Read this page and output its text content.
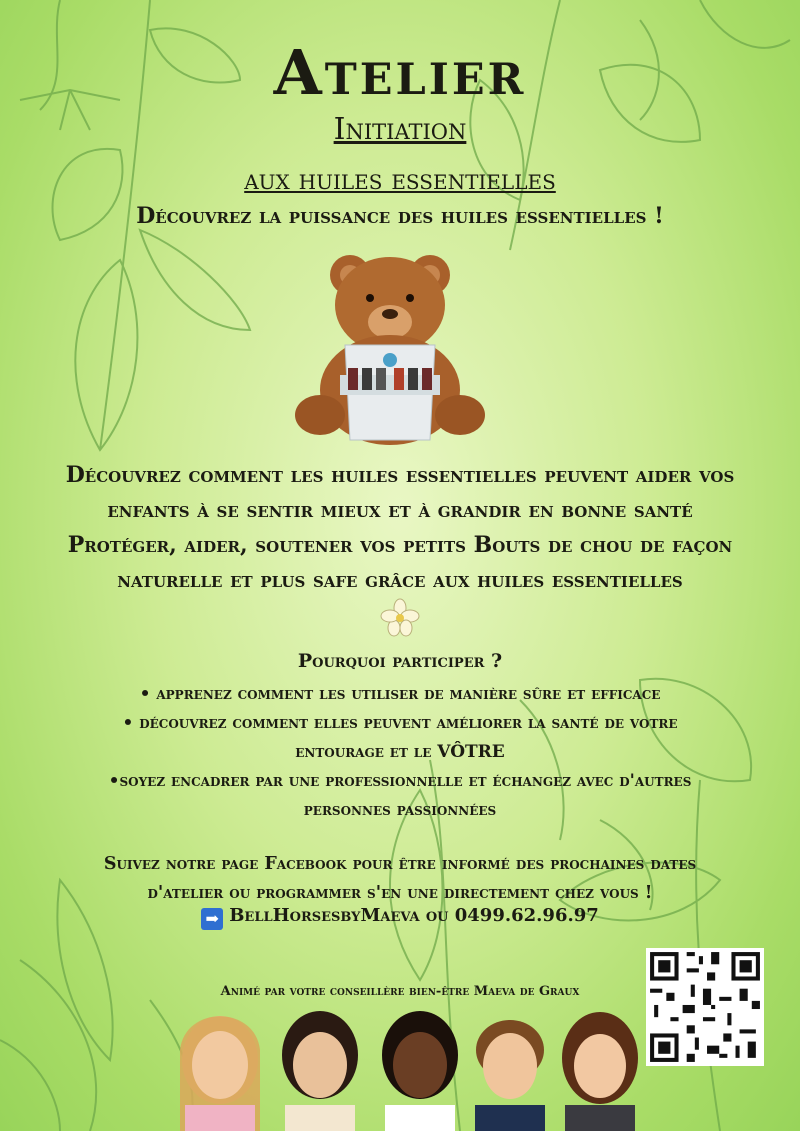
Atelier
Initiation
aux huiles essentielles
Découvrez la puissance des huiles essentielles !
Découvrez comment les huiles essentielles peuvent aider vos
enfants à se sentir mieux et à grandir en bonne santé
Protéger, aider, soutener vos petits Bouts de chou de façon
naturelle et plus safe grâce aux huiles essentielles
Pourquoi participer ?
• apprenez comment les utiliser de manière sûre et efficace
• découvrez comment elles peuvent améliorer la santé de votre
entourage et le VÔTRE
•soyez encadrer par une professionnelle et échangez avec d'autres
personnes passionnées
Suivez notre page Facebook pour être informé des prochaines dates
d'atelier ou programmer s'en une directement chez vous !
➡ BellHorsesbyMaeva ou 0499.62.96.97
Animé par votre conseillère bien-être Maeva de Graux
